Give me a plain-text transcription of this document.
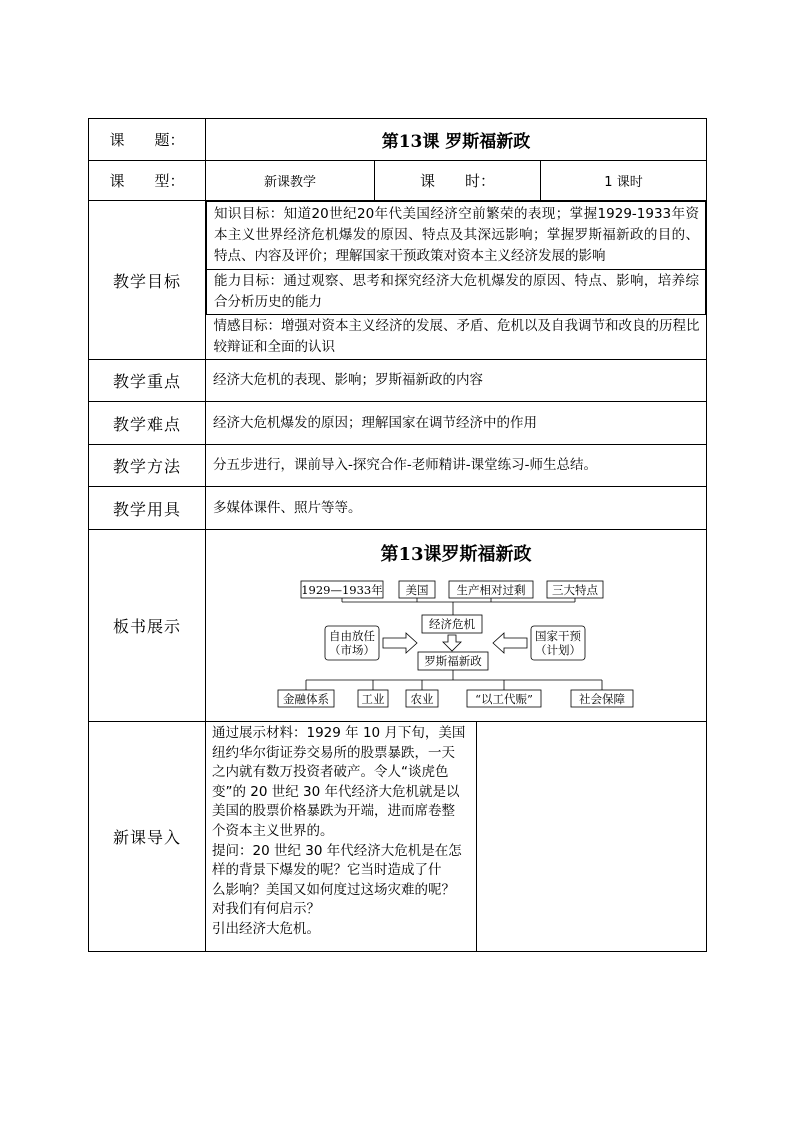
课　　题：	第13课 罗斯福新政
课　　型：	新课教学	课　　时：	1 课时
教学目标	
知识目标：知道20世纪20年代美国经济空前繁荣的表现；掌握1929-1933年资本主义世界经济危机爆发的原因、特点及其深远影响；掌握罗斯福新政的目的、特点、内容及评价；理解国家干预政策对资本主义经济发展的影响
能力目标：通过观察、思考和探究经济大危机爆发的原因、特点、影响，培养综合分析历史的能力
情感目标：增强对资本主义经济的发展、矛盾、危机以及自我调节和改良的历程比较辩证和全面的认识

教学重点	经济大危机的表现、影响；罗斯福新政的内容
教学难点	经济大危机爆发的原因；理解国家在调节经济中的作用
教学方法	分五步进行，课前导入-探究合作-老师精讲-课堂练习-师生总结。
教学用具	多媒体课件、照片等等。
板书展示	
第13课罗斯福新政
1929—1933年 美国 生产相对过剩 三大特点
经济危机
自由放任
（市场）
国家干预
（计划）
罗斯福新政
金融体系	工业 农业	“以工代赈”	社会保障

新课导入	
通过展示材料：1929 年 10 月下旬，美国
纽约华尔街证券交易所的股票暴跌，一天
之内就有数万投资者破产。令人“谈虎色
变”的 20 世纪 30 年代经济大危机就是以
美国的股票价格暴跌为开端，进而席卷整
个资本主义世界的。
提问：20 世纪 30 年代经济大危机是在怎
样的背景下爆发的呢？它当时造成了什
么影响？美国又如何度过这场灾难的呢？
对我们有何启示？
引出经济大危机。
